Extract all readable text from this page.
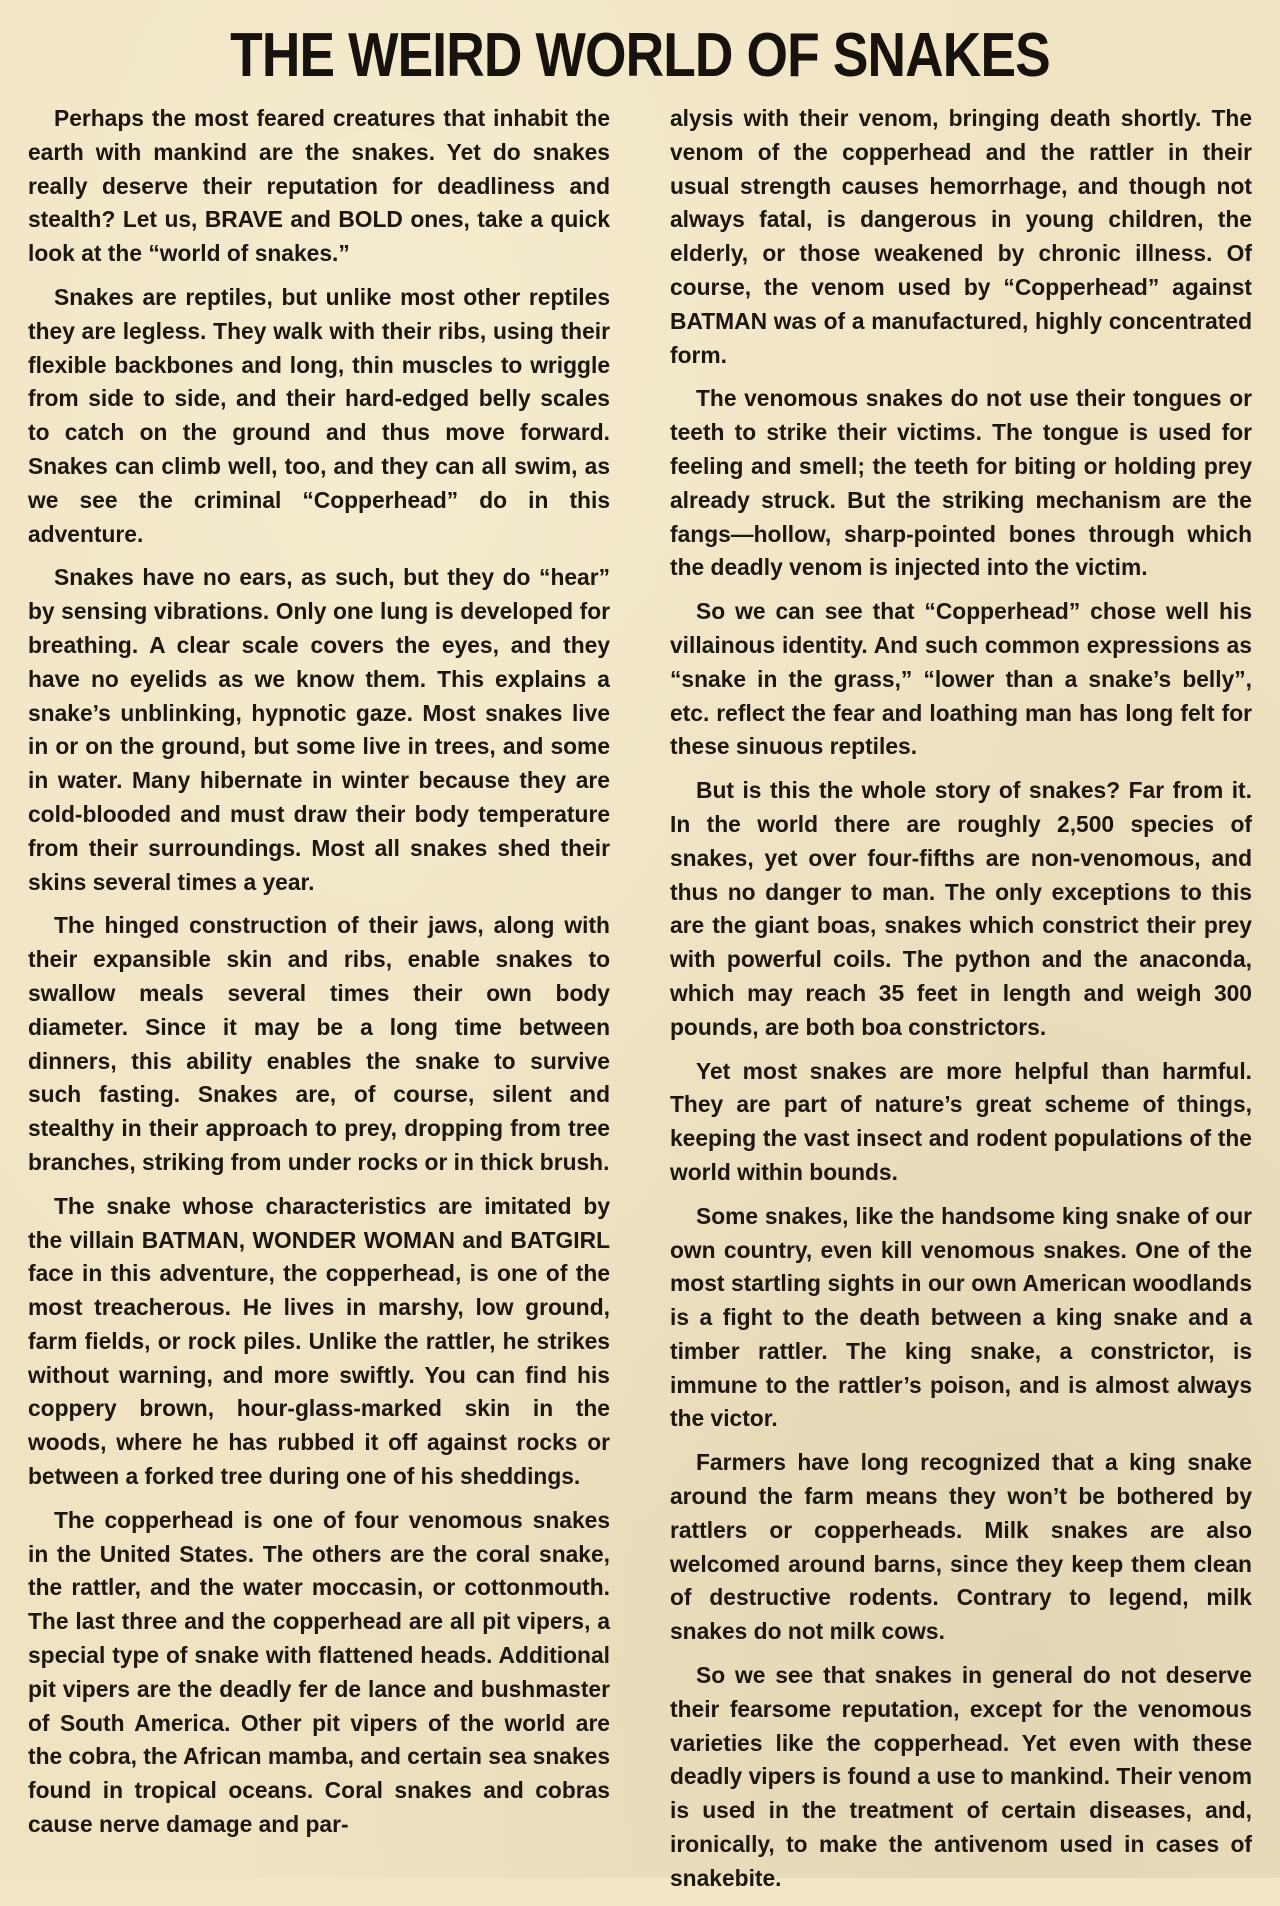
THE WEIRD WORLD OF SNAKES

Perhaps the most feared creatures that inhabit the earth with mankind are the snakes. Yet do snakes really deserve their reputation for deadliness and stealth? Let us, BRAVE and BOLD ones, take a quick look at the “world of snakes.”

Snakes are reptiles, but unlike most other reptiles they are legless. They walk with their ribs, using their flexible backbones and long, thin muscles to wriggle from side to side, and their hard-edged belly scales to catch on the ground and thus move forward. Snakes can climb well, too, and they can all swim, as we see the criminal “Copperhead” do in this adventure.

Snakes have no ears, as such, but they do “hear” by sensing vibrations. Only one lung is developed for breathing. A clear scale covers the eyes, and they have no eyelids as we know them. This explains a snake’s unblinking, hypnotic gaze. Most snakes live in or on the ground, but some live in trees, and some in water. Many hibernate in winter because they are cold-blooded and must draw their body temperature from their surroundings. Most all snakes shed their skins several times a year.

The hinged construction of their jaws, along with their expansible skin and ribs, enable snakes to swallow meals several times their own body diameter. Since it may be a long time between dinners, this ability enables the snake to survive such fasting. Snakes are, of course, silent and stealthy in their approach to prey, dropping from tree branches, striking from under rocks or in thick brush.

The snake whose characteristics are imitated by the villain BATMAN, WONDER WOMAN and BATGIRL face in this adventure, the copperhead, is one of the most treacherous. He lives in marshy, low ground, farm fields, or rock piles. Unlike the rattler, he strikes without warning, and more swiftly. You can find his coppery brown, hour-glass-marked skin in the woods, where he has rubbed it off against rocks or between a forked tree during one of his sheddings.

The copperhead is one of four venomous snakes in the United States. The others are the coral snake, the rattler, and the water moccasin, or cottonmouth. The last three and the copperhead are all pit vipers, a special type of snake with flattened heads. Additional pit vipers are the deadly fer de lance and bushmaster of South America. Other pit vipers of the world are the cobra, the African mamba, and certain sea snakes found in tropical oceans. Coral snakes and cobras cause nerve damage and par-

alysis with their venom, bringing death shortly. The venom of the copperhead and the rattler in their usual strength causes hemorrhage, and though not always fatal, is dangerous in young children, the elderly, or those weakened by chronic illness. Of course, the venom used by “Copperhead” against BATMAN was of a manufactured, highly concentrated form.

The venomous snakes do not use their tongues or teeth to strike their victims. The tongue is used for feeling and smell; the teeth for biting or holding prey already struck. But the striking mechanism are the fangs—hollow, sharp-pointed bones through which the deadly venom is injected into the victim.

So we can see that “Copperhead” chose well his villainous identity. And such common expressions as “snake in the grass,” “lower than a snake’s belly”, etc. reflect the fear and loathing man has long felt for these sinuous reptiles.

But is this the whole story of snakes? Far from it. In the world there are roughly 2,500 species of snakes, yet over four-fifths are non-venomous, and thus no danger to man. The only exceptions to this are the giant boas, snakes which constrict their prey with powerful coils. The python and the anaconda, which may reach 35 feet in length and weigh 300 pounds, are both boa constrictors.

Yet most snakes are more helpful than harmful. They are part of nature’s great scheme of things, keeping the vast insect and rodent populations of the world within bounds.

Some snakes, like the handsome king snake of our own country, even kill venomous snakes. One of the most startling sights in our own American woodlands is a fight to the death between a king snake and a timber rattler. The king snake, a constrictor, is immune to the rattler’s poison, and is almost always the victor.

Farmers have long recognized that a king snake around the farm means they won’t be bothered by rattlers or copperheads. Milk snakes are also welcomed around barns, since they keep them clean of destructive rodents. Contrary to legend, milk snakes do not milk cows.

So we see that snakes in general do not deserve their fearsome reputation, except for the venomous varieties like the copperhead. Yet even with these deadly vipers is found a use to mankind. Their venom is used in the treatment of certain diseases, and, ironically, to make the antivenom used in cases of snakebite.
